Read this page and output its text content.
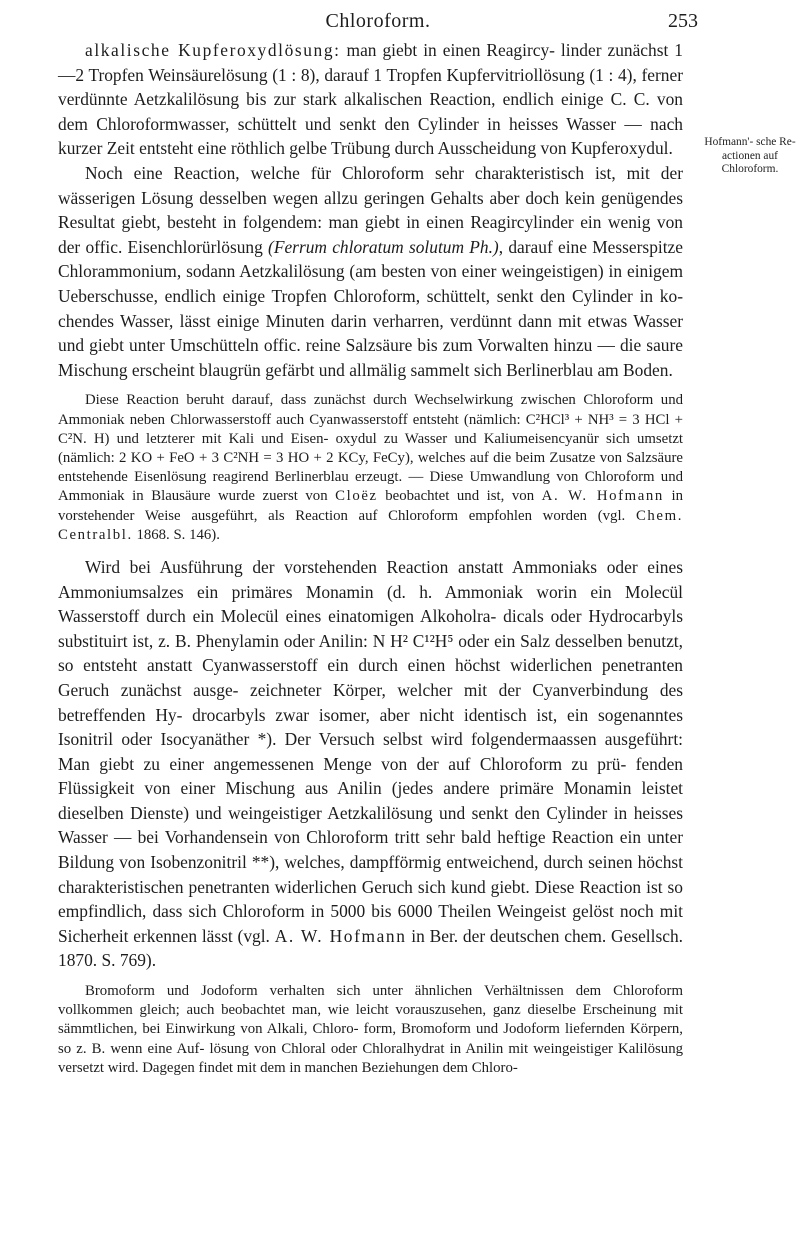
Chloroform.	253
Hofmann'- sche Re- actionen auf Chloroform.

alkalische Kupferoxydlösung: man giebt in einen Reagircy- linder zunächst 1—2 Tropfen Weinsäurelösung (1 : 8), darauf 1 Tropfen Kupfervitriollösung (1 : 4), ferner verdünnte Aetzkalilösung bis zur stark alkalischen Reaction, endlich einige C. C. von dem Chloroformwasser, schüttelt und senkt den Cylinder in heisses Wasser — nach kurzer Zeit entsteht eine röthlich gelbe Trübung durch Ausscheidung von Kupferoxydul.

Noch eine Reaction, welche für Chloroform sehr charakteristisch ist, mit der wässerigen Lösung desselben wegen allzu geringen Gehalts aber doch kein genügendes Resultat giebt, besteht in folgendem: man giebt in einen Reagircylinder ein wenig von der offic. Eisenchlorürlösung (Ferrum chloratum solutum Ph.), darauf eine Messerspitze Chlorammonium, sodann Aetzkalilösung (am besten von einer weingeistigen) in einigem Ueberschusse, endlich einige Tropfen Chloroform, schüttelt, senkt den Cylinder in ko- chendes Wasser, lässt einige Minuten darin verharren, verdünnt dann mit etwas Wasser und giebt unter Umschütteln offic. reine Salzsäure bis zum Vorwalten hinzu — die saure Mischung erscheint blaugrün gefärbt und allmälig sammelt sich Berlinerblau am Boden.

Diese Reaction beruht darauf, dass zunächst durch Wechselwirkung zwischen Chloroform und Ammoniak neben Chlorwasserstoff auch Cyanwasserstoff entsteht (nämlich: C²HCl³ + NH³ = 3 HCl + C²N. H) und letzterer mit Kali und Eisen- oxydul zu Wasser und Kaliumeisencyanür sich umsetzt (nämlich: 2 KO + FeO + 3 C²NH = 3 HO + 2 KCy, FeCy), welches auf die beim Zusatze von Salzsäure entstehende Eisenlösung reagirend Berlinerblau erzeugt. — Diese Umwandlung von Chloroform und Ammoniak in Blausäure wurde zuerst von Cloëz beobachtet und ist, von A. W. Hofmann in vorstehender Weise ausgeführt, als Reaction auf Chloroform empfohlen worden (vgl. Chem. Centralbl. 1868. S. 146).

Wird bei Ausführung der vorstehenden Reaction anstatt Ammoniaks oder eines Ammoniumsalzes ein primäres Monamin (d. h. Ammoniak worin ein Molecül Wasserstoff durch ein Molecül eines einatomigen Alkoholra- dicals oder Hydrocarbyls substituirt ist, z. B. Phenylamin oder Anilin: N H² C¹²H⁵ oder ein Salz desselben benutzt, so entsteht anstatt Cyanwasserstoff ein durch einen höchst widerlichen penetranten Geruch zunächst ausge- zeichneter Körper, welcher mit der Cyanverbindung des betreffenden Hy- drocarbyls zwar isomer, aber nicht identisch ist, ein sogenanntes Isonitril oder Isocyanäther *). Der Versuch selbst wird folgendermaassen ausgeführt: Man giebt zu einer angemessenen Menge von der auf Chloroform zu prü- fenden Flüssigkeit von einer Mischung aus Anilin (jedes andere primäre Monamin leistet dieselben Dienste) und weingeistiger Aetzkalilösung und senkt den Cylinder in heisses Wasser — bei Vorhandensein von Chloroform tritt sehr bald heftige Reaction ein unter Bildung von Isobenzonitril **), welches, dampfförmig entweichend, durch seinen höchst charakteristischen penetranten widerlichen Geruch sich kund giebt. Diese Reaction ist so empfindlich, dass sich Chloroform in 5000 bis 6000 Theilen Weingeist gelöst noch mit Sicherheit erkennen lässt (vgl. A. W. Hofmann in Ber. der deutschen chem. Gesellsch. 1870. S. 769).

Bromoform und Jodoform verhalten sich unter ähnlichen Verhältnissen dem Chloroform vollkommen gleich; auch beobachtet man, wie leicht vorauszusehen, ganz dieselbe Erscheinung mit sämmtlichen, bei Einwirkung von Alkali, Chloro- form, Bromoform und Jodoform liefernden Körpern, so z. B. wenn eine Auf- lösung von Chloral oder Chloralhydrat in Anilin mit weingeistiger Kalilösung versetzt wird. Dagegen findet mit dem in manchen Beziehungen dem Chloro-
